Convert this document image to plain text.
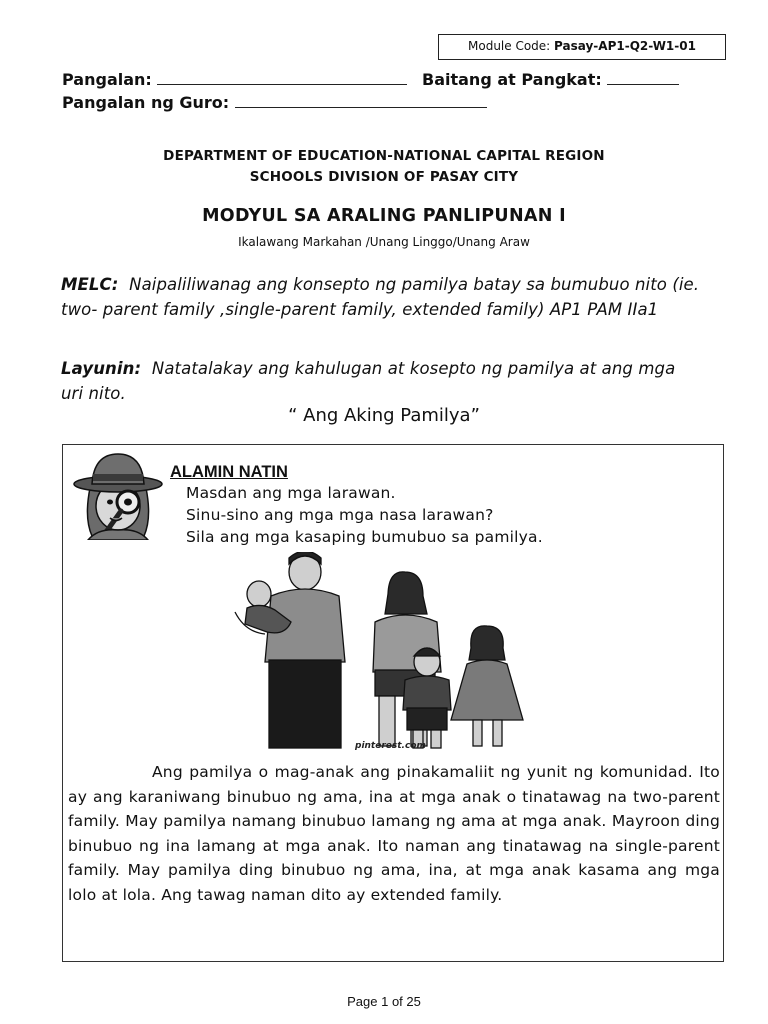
Module Code: Pasay-AP1-Q2-W1-01
Pangalan:	Baitang at Pangkat:
Pangalan ng Guro:
DEPARTMENT OF EDUCATION-NATIONAL CAPITAL REGION
SCHOOLS DIVISION OF PASAY CITY
MODYUL SA ARALING PANLIPUNAN I
Ikalawang Markahan /Unang Linggo/Unang Araw
MELC: Naipaliliwanag ang konsepto ng pamilya batay sa bumubuo nito (ie. two- parent family ,single-parent family, extended family) AP1 PAM IIa1
Layunin: Natatalakay ang kahulugan at kosepto ng pamilya at ang mga uri nito.
“ Ang Aking Pamilya”
ALAMIN NATIN
Masdan ang mga larawan.
Sinu-sino ang mga mga nasa larawan?
Sila ang mga kasaping bumubuo sa pamilya.
pinterest.com
Ang pamilya o mag-anak ang pinakamaliit ng yunit ng komunidad. Ito ay ang karaniwang binubuo ng ama, ina at mga anak o tinatawag na two-parent family. May pamilya namang binubuo lamang ng ama at mga anak. Mayroon ding binubuo ng ina lamang at mga anak. Ito naman ang tinatawag na single-parent family. May pamilya ding binubuo ng ama, ina, at mga anak kasama ang mga lolo at lola. Ang tawag naman dito ay extended family.
Page 1 of 25
